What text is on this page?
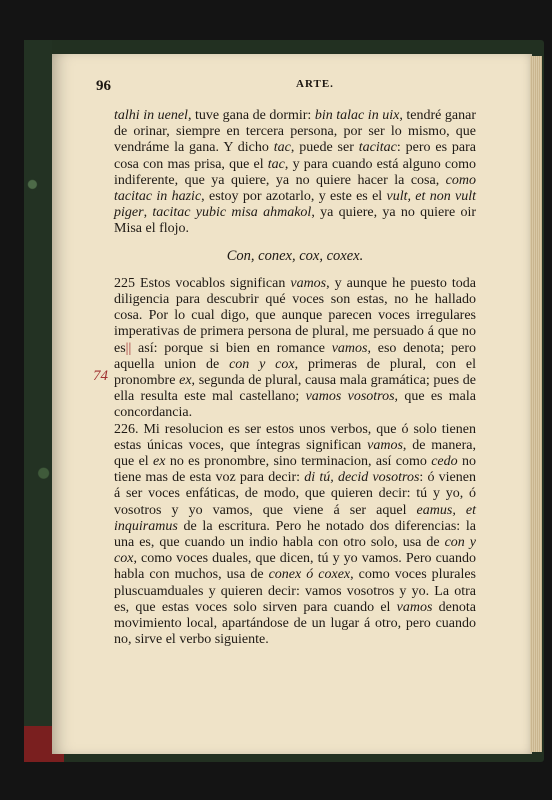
96	ARTE.
74

talhi in uenel, tuve gana de dormir: bin talac in uix, tendré ganar de orinar, siempre en tercera persona, por ser lo mismo, que vendráme la gana. Y dicho tac, puede ser tacitac: pero es para cosa con mas prisa, que el tac, y para cuando está alguno como indiferente, que ya quiere, ya no quiere hacer la cosa, como tacitac in hazic, estoy por azotarlo, y este es el vult, et non vult piger, tacitac yubic misa ahmakol, ya quiere, ya no quiere oir Misa el flojo.

Con, conex, cox, coxex.

225 Estos vocablos significan vamos, y aunque he puesto toda diligencia para descubrir qué voces son estas, no he hallado cosa. Por lo cual digo, que aunque parecen voces irregulares imperativas de primera persona de plural, me persuado á que no es|| así: porque si bien en romance vamos, eso denota; pero aquella union de con y cox, primeras de plural, con el pronombre ex, segunda de plural, causa mala gramática; pues de ella resulta este mal castellano; vamos vosotros, que es mala concordancia.

226. Mi resolucion es ser estos unos verbos, que ó solo tienen estas únicas voces, que íntegras significan vamos, de manera, que el ex no es pronombre, sino terminacion, así como cedo no tiene mas de esta voz para decir: di tú, decid vosotros: ó vienen á ser voces enfáticas, de modo, que quieren decir: tú y yo, ó vosotros y yo vamos, que viene á ser aquel eamus, et inquiramus de la escritura. Pero he notado dos diferencias: la una es, que cuando un indio habla con otro solo, usa de con y cox, como voces duales, que dicen, tú y yo vamos. Pero cuando habla con muchos, usa de conex ó coxex, como voces plurales pluscuamduales y quieren decir: vamos vosotros y yo. La otra es, que estas voces solo sirven para cuando el vamos denota movimiento local, apartándose de un lugar á otro, pero cuando no, sirve el verbo siguiente.
